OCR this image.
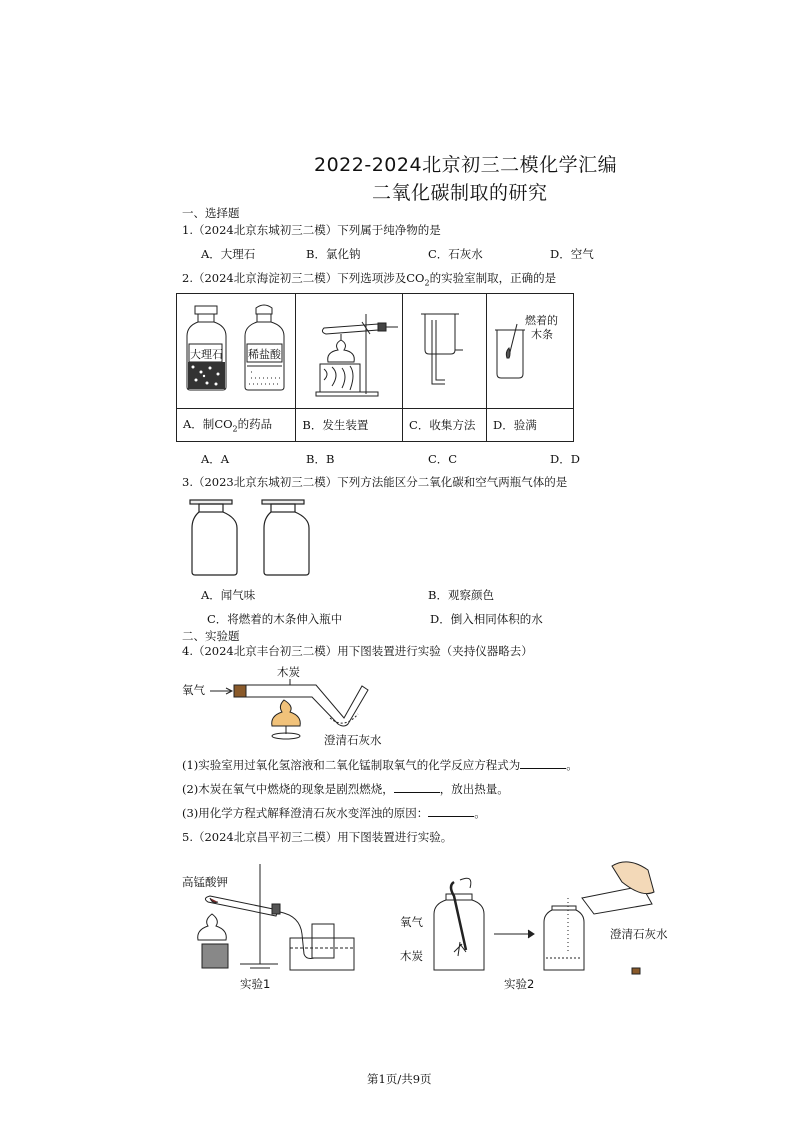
2022-2024北京初三二模化学汇编
二氧化碳制取的研究
一、选择题
1.（2024北京东城初三二模）下列属于纯净物的是
A．大理石	B．氯化钠	C．石灰水	D．空气
2.（2024北京海淀初三二模）下列选项涉及$CO_2$的实验室制取，正确的是
大理石 稀盐酸			燃着的
木条

A．制$CO_2$的药品	B．发生装置	C．收集方法	D．验满
A．A	B．B	C．C	D．D
3.（2023北京东城初三二模）下列方法能区分二氧化碳和空气两瓶气体的是
A．闻气味	B．观察颜色
C．将燃着的木条伸入瓶中	D．倒入相同体积的水
二、实验题
4.（2024北京丰台初三二模）用下图装置进行实验（夹持仪器略去）
氧气
木炭
澄清石灰水
(1)实验室用过氧化氢溶液和二氧化锰制取氧气的化学反应方程式为	。
(2)木炭在氧气中燃烧的现象是剧烈燃烧，	，放出热量。
(3)用化学方程式解释澄清石灰水变浑浊的原因：	。
5.（2024北京昌平初三二模）用下图装置进行实验。
高锰酸钾
实验1
氧气
木炭
实验2
澄清石灰水
第1页/共9页
